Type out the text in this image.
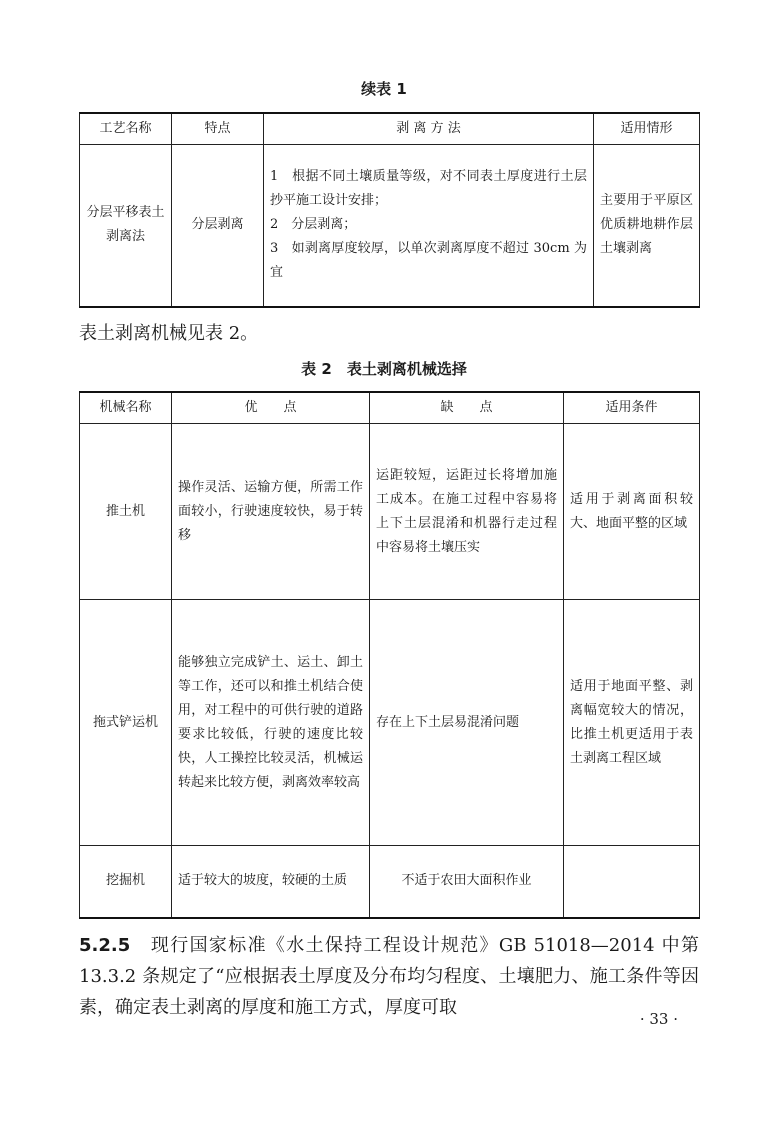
续表 1
工艺名称	特点	剥 离 方 法	适用情形
分层平移表土剥离法	分层剥离	1　根据不同土壤质量等级，对不同表土厚度进行土层抄平施工设计安排；
2　分层剥离；
3　如剥离厚度较厚，以单次剥离厚度不超过 30cm 为宜	主要用于平原区优质耕地耕作层土壤剥离
表土剥离机械见表 2。
表 2　表土剥离机械选择
机械名称	优　　点	缺　　点	适用条件
推土机	操作灵活、运输方便，所需工作面较小，行驶速度较快，易于转移	运距较短，运距过长将增加施工成本。在施工过程中容易将上下土层混淆和机器行走过程中容易将土壤压实	适用于剥离面积较大、地面平整的区域
拖式铲运机	能够独立完成铲土、运土、卸土等工作，还可以和推土机结合使用，对工程中的可供行驶的道路要求比较低，行驶的速度比较快，人工操控比较灵活，机械运转起来比较方便，剥离效率较高	存在上下土层易混淆问题	适用于地面平整、剥离幅宽较大的情况，比推土机更适用于表土剥离工程区域
挖掘机	适于较大的坡度，较硬的土质	不适于农田大面积作业	
5.2.5　现行国家标准《水土保持工程设计规范》GB 51018—2014 中第 13.3.2 条规定了“应根据表土厚度及分布均匀程度、土壤肥力、施工条件等因素，确定表土剥离的厚度和施工方式，厚度可取
· 33 ·
